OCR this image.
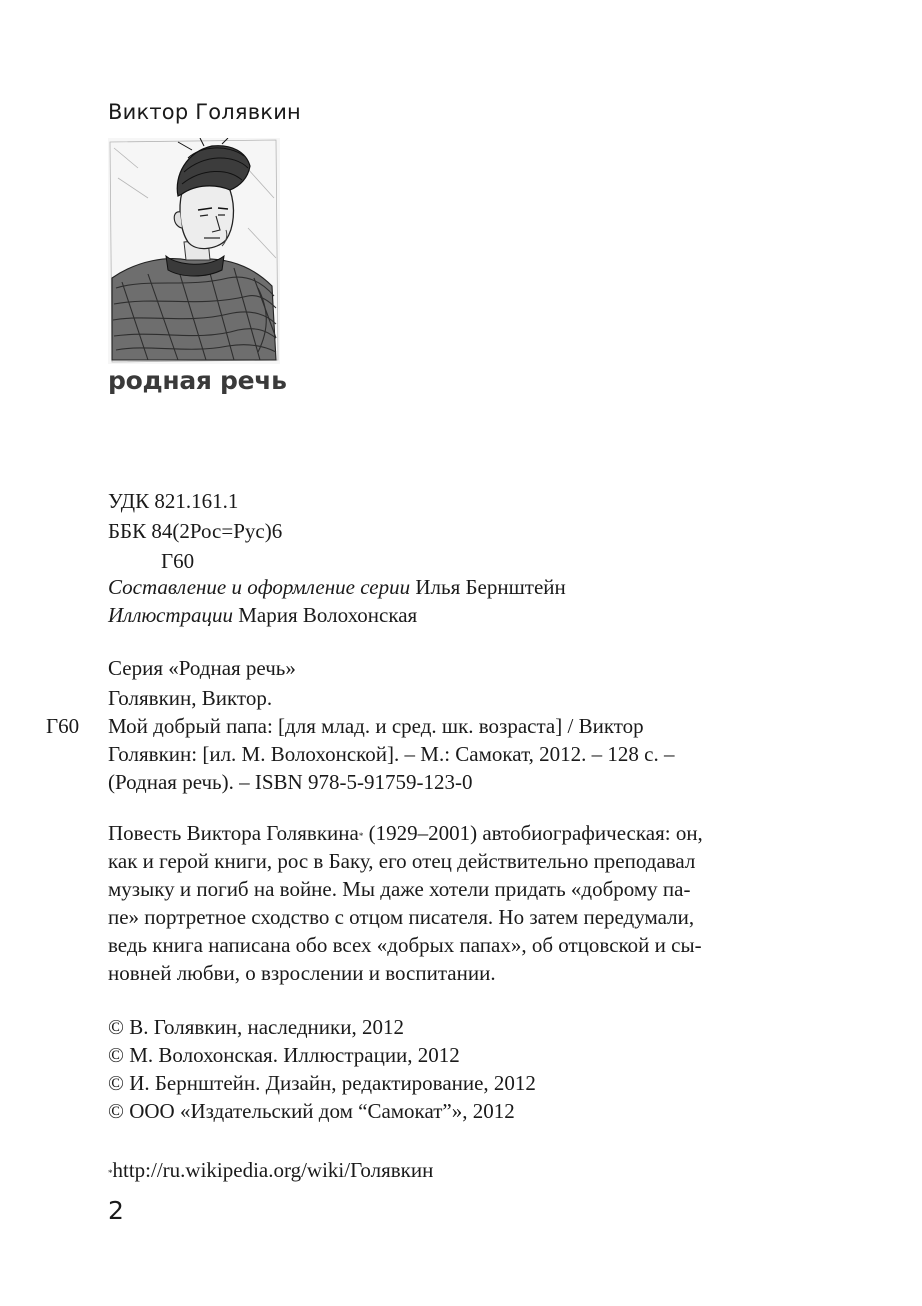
Виктор Голявкин
родная речь
УДК 821.161.1
ББК 84(2Рос=Рус)6
Г60
Составление и оформление серии Илья Бернштейн
Иллюстрации Мария Волохонская
Серия «Родная речь»
Голявкин, Виктор.
Г60 Мой добрый папа: [для млад. и сред. шк. возраста] / Виктор
Голявкин: [ил. М. Волохонской]. – М.: Самокат, 2012. – 128 с. –
(Родная речь). – ISBN 978-5-91759-123-0
Повесть Виктора Голявкина* (1929–2001) автобиографическая: он,
как и герой книги, рос в Баку, его отец действительно преподавал
музыку и погиб на войне. Мы даже хотели придать «доброму па-
пе» портретное сходство с отцом писателя. Но затем передумали,
ведь книга написана обо всех «добрых папах», об отцовской и сы-
новней любви, о взрослении и воспитании.
© В. Голявкин, наследники, 2012
© М. Волохонская. Иллюстрации, 2012
© И. Бернштейн. Дизайн, редактирование, 2012
© ООО «Издательский дом “Самокат”», 2012
*http://ru.wikipedia.org/wiki/Голявкин
2
